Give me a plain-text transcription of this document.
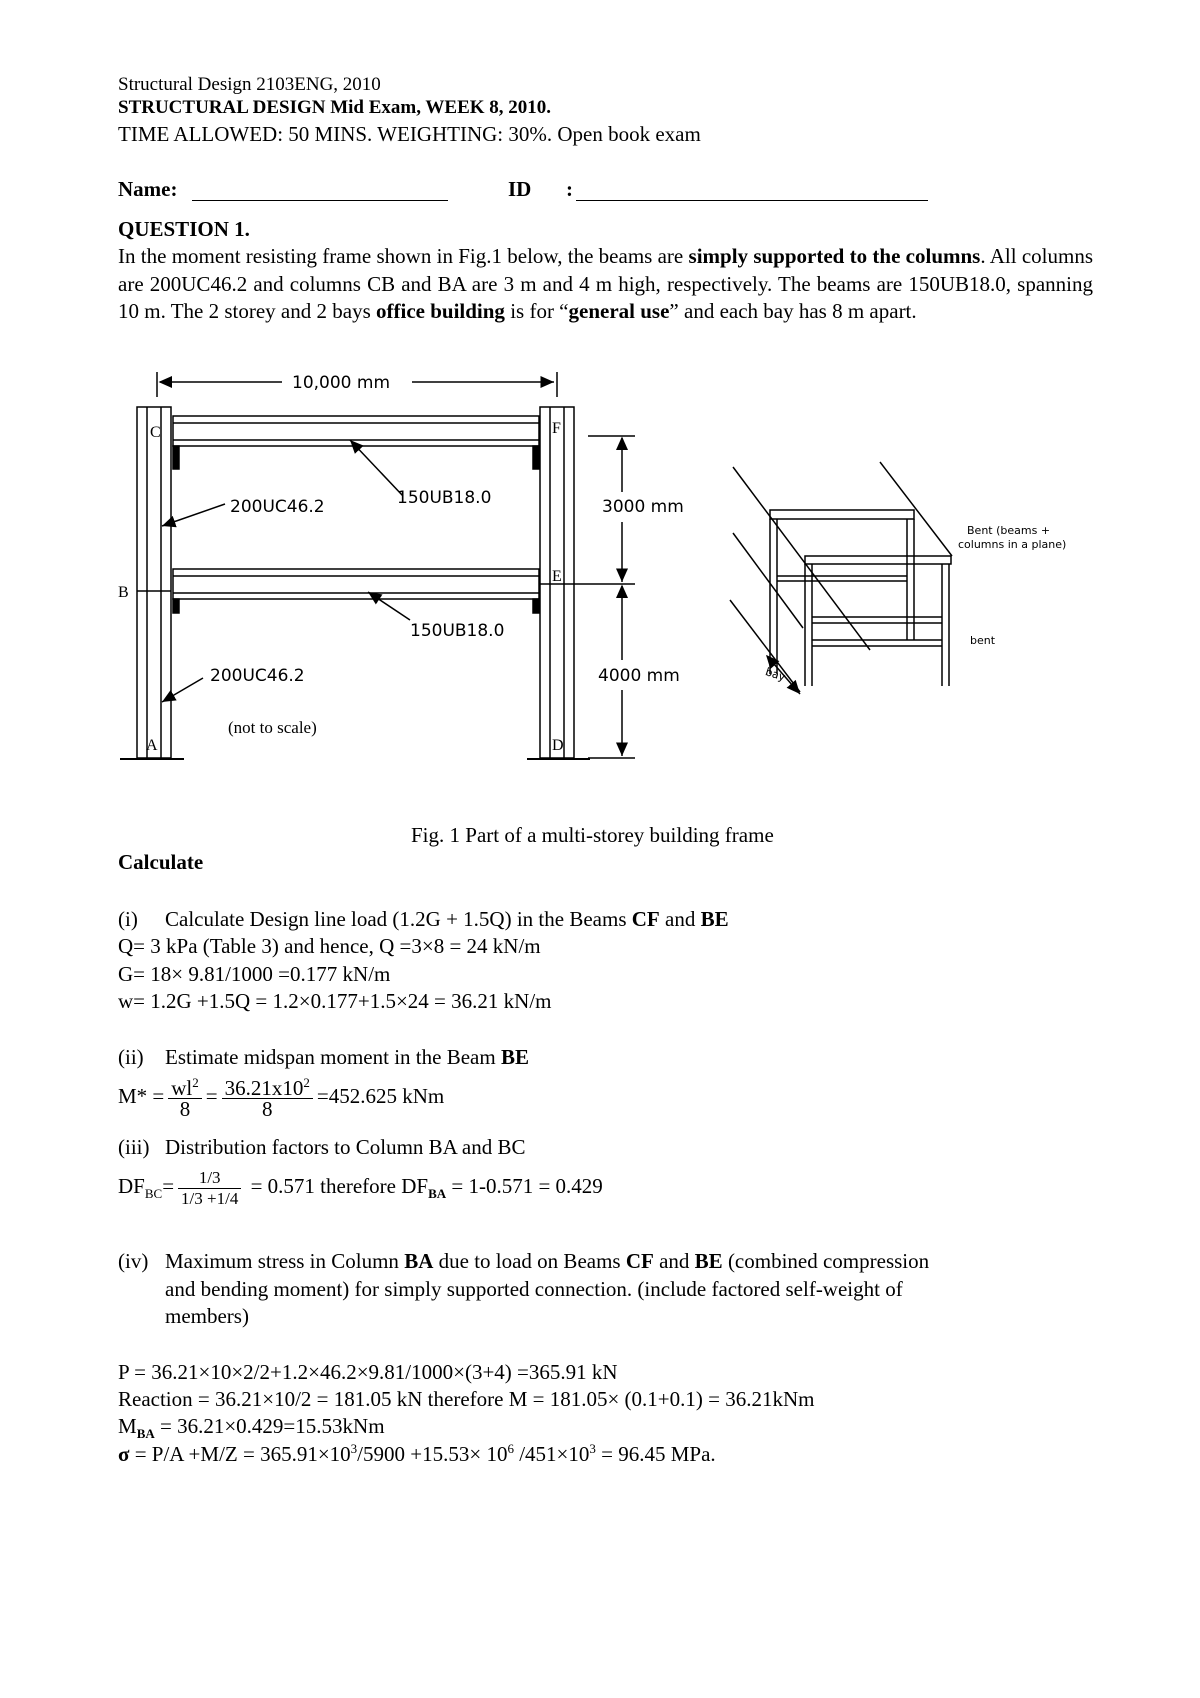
Structural Design 2103ENG, 2010
STRUCTURAL DESIGN Mid Exam, WEEK 8, 2010.
TIME ALLOWED: 50 MINS. WEIGHTING: 30%. Open book exam
Name:	ID :
QUESTION 1.
In the moment resisting frame shown in Fig.1 below, the beams are simply supported to the columns. All columns are 200UC46.2 and columns CB and BA are 3 m and 4 m high, respectively. The beams are 150UB18.0, spanning 10 m. The 2 storey and 2 bays office building is for “general use” and each bay has 8 m apart.
10,000 mm
C	F
B
E
A	D
200UC46.2	150UB18.0	3000 mm
150UB18.0
200UC46.2	4000 mm
(not to scale)
Bent (beams +
columns in a plane)
bent
bay
Fig. 1 Part of a multi-storey building frame
Calculate
(i) Calculate Design line load (1.2G + 1.5Q) in the Beams CF and BE
Q= 3 kPa (Table 3) and hence, Q =3×8 = 24 kN/m
G= 18× 9.81/1000 =0.177 kN/m
w= 1.2G +1.5Q = 1.2×0.177+1.5×24 = 36.21 kN/m
(ii) Estimate midspan moment in the Beam BE
$M* = \frac{wl^2}{8} = \frac{36.21x10^2}{8} =452.625$ kNm
(iii) Distribution factors to Column BA and BC
$DF_{BC}= \frac{1/3}{1/3 +1/4} = 0.571$ therefore $DF_{BA} = 1-0.571 = 0.429$
(iv) Maximum stress in Column BA due to load on Beams CF and BE (combined compression
and bending moment) for simply supported connection. (include factored self-weight of
members)
P = 36.21×10×2/2+1.2×46.2×9.81/1000×(3+4) =365.91 kN
Reaction = 36.21×10/2 = 181.05 kN therefore M = 181.05× (0.1+0.1) = 36.21kNm
$M_{BA} = 36.21\times 0.429=15.53kNm$
$\sigma = P/A +M/Z = 365.91\times 10^3/5900 +15.53\times 10^6$ $/451\times 10^3 = 96.45$ MPa.
